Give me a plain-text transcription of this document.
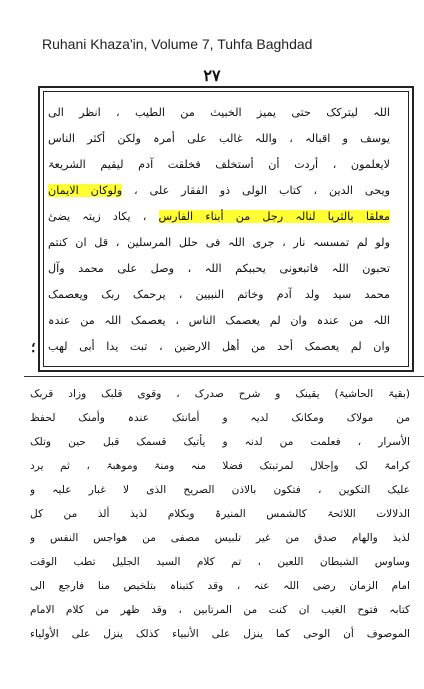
Ruhani Khaza'in, Volume 7, Tuhfa Baghdad
٢٧
اللہ لیترکک حتی یمیز الخبیث من الطیب ، انظر الی
یوسف و اقبالہ ، واللہ غالب علی أمرہ ولکن أکثر الناس
لایعلمون ، أردت أن أستخلف فخلقت آدم لیقیم الشریعۃ
ویحی الدین ، کتاب الولی ذو الفقار علی ، ولوکان الایمان
معلقا بالثریا لنالہ رجل من أبناء الفارس ، یکاد زیتہ یضیٔ
ولو لم تمسسہ نار ، جری اللہ فی حلل المرسلین ، قل ان کنتم
تحبون اللہ فاتبعونی یحببکم اللہ ، وصل علی محمد وآل
محمد سید ولد آدم وخاتم النبیین ، یرحمک ربک ویعصمک
اللہ من عندہ وان لم یعصمک الناس ، یعصمک اللہ من عندہ
وان لم یعصمک أحد من أهل الارضین ، تبت یدا أبی لهب
؛
(بقیۃ الحاشیۃ) یقینک و شرح صدرک ، وقوی قلبک وزاد قربک
من مولاک ومکانک لدیہ و أمانتک عندہ وأمنک لحفظ
الأسرار ، فعلمت من لدنہ و یأتیک قسمک قبل حین وتلک
کرامۃ لک وإجلال لمرتبتک فضلا منہ ومنۃ وموهبۃ ، ثم یرد
علیک التکوین ، فتکون بالاذن الصریح الذی لا غبار علیہ و
الدلالات اللائحۃ کالشمس المنیرۃ وبکلام لذیذ ألذ من کل
لذیذ والهام صدق من غیر تلبیس مصفی من هواجس النفس و
وساوس الشیطان اللعین ، تم کلام السید الجلیل تطب الوقت
امام الزمان رضی اللہ عنہ ، وقد کتبناہ بتلخیص منا فارجع الی
کتابہ فتوح الغیب ان کنت من المرتابین ، وقد ظهر من کلام الامام
الموصوف أن الوحی کما ینزل علی الأنبیاء کذلک ینزل علی الأولیاء
